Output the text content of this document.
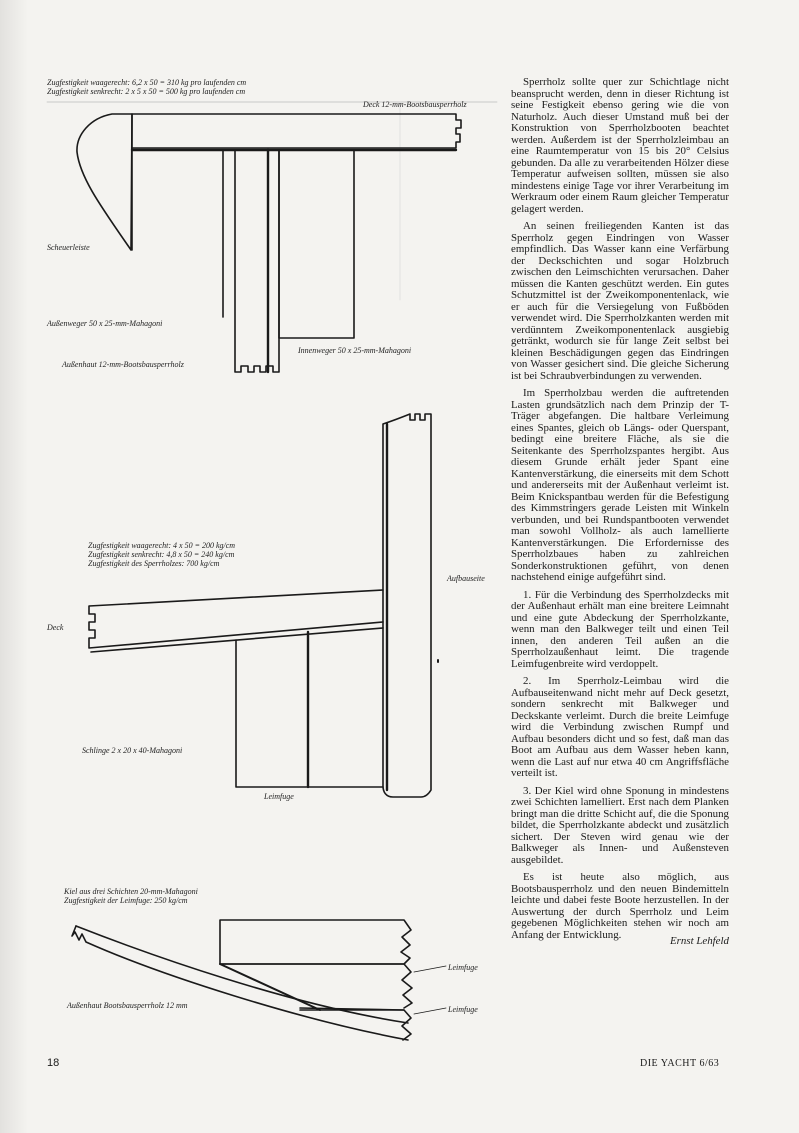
Zugfestigkeit waagerecht: 6,2 x 50 = 310 kg pro laufenden cm
Zugfestigkeit senkrecht: 2 x 5 x 50 = 500 kg pro laufenden cm
Deck 12-mm-Bootsbausperrholz
Scheuerleiste
Außenweger 50 x 25-mm-Mahagoni
Außenhaut 12-mm-Bootsbausperrholz
Innenweger 50 x 25-mm-Mahagoni
Zugfestigkeit waagerecht: 4 x 50 = 200 kg/cm
Zugfestigkeit senkrecht: 4,8 x 50 = 240 kg/cm
Zugfestigkeit des Sperrholzes: 700 kg/cm
Aufbauseite
Deck
Schlinge 2 x 20 x 40-Mahagoni
Leimfuge
Kiel aus drei Schichten 20-mm-Mahagoni
Zugfestigkeit der Leimfuge: 250 kg/cm
Leimfuge
Leimfuge
Außenhaut Bootsbausperrholz 12 mm

Sperrholz sollte quer zur Schichtlage nicht beansprucht werden, denn in dieser Richtung ist seine Festigkeit ebenso gering wie die von Naturholz. Auch dieser Umstand muß bei der Konstruktion von Sperrholzbooten beachtet werden. Außerdem ist der Sperrholzleimbau an eine Raumtemperatur von 15 bis 20° Celsius gebunden. Da alle zu verarbeitenden Hölzer diese Temperatur aufweisen sollten, müssen sie also mindestens einige Tage vor ihrer Verarbeitung im Werkraum oder einem Raum gleicher Temperatur gelagert werden.

An seinen freiliegenden Kanten ist das Sperrholz gegen Eindringen von Wasser empfindlich. Das Wasser kann eine Verfärbung der Deckschichten und sogar Holzbruch zwischen den Leimschichten verursachen. Daher müssen die Kanten geschützt werden. Ein gutes Schutzmittel ist der Zweikomponentenlack, wie er auch für die Versiegelung von Fußböden verwendet wird. Die Sperrholzkanten werden mit verdünntem Zweikomponentenlack ausgiebig getränkt, wodurch sie für lange Zeit selbst bei kleinen Beschädigungen gegen das Eindringen von Wasser gesichert sind. Die gleiche Sicherung ist bei Schraubverbindungen zu verwenden.

Im Sperrholzbau werden die auftretenden Lasten grundsätzlich nach dem Prinzip der T-Träger abgefangen. Die haltbare Verleimung eines Spantes, gleich ob Längs- oder Querspant, bedingt eine breitere Fläche, als sie die Seitenkante des Sperrholzspantes hergibt. Aus diesem Grunde erhält jeder Spant eine Kantenverstärkung, die einerseits mit dem Schott und andererseits mit der Außenhaut verleimt ist. Beim Knickspantbau werden für die Befestigung des Kimmstringers gerade Leisten mit Winkeln verbunden, und bei Rundspantbooten verwendet man sowohl Vollholz- als auch lamellierte Kantenverstärkungen. Die Erfordernisse des Sperrholzbaues haben zu zahlreichen Sonderkonstruktionen geführt, von denen nachstehend einige aufgeführt sind.

1. Für die Verbindung des Sperrholzdecks mit der Außenhaut erhält man eine breitere Leimnaht und eine gute Abdeckung der Sperrholzkante, wenn man den Balkweger teilt und einen Teil innen, den anderen Teil außen an die Sperrholzaußenhaut leimt. Die tragende Leimfugenbreite wird verdoppelt.

2. Im Sperrholz-Leimbau wird die Aufbauseitenwand nicht mehr auf Deck gesetzt, sondern senkrecht mit Balkweger und Deckskante verleimt. Durch die breite Leimfuge wird die Verbindung zwischen Rumpf und Aufbau besonders dicht und so fest, daß man das Boot am Aufbau aus dem Wasser heben kann, wenn die Last auf nur etwa 40 cm Angriffsfläche verteilt ist.

3. Der Kiel wird ohne Sponung in mindestens zwei Schichten lamelliert. Erst nach dem Planken bringt man die dritte Schicht auf, die die Sponung bildet, die Sperrholzkante abdeckt und zusätzlich sichert. Der Steven wird genau wie der Balkweger als Innen- und Außensteven ausgebildet.

Es ist heute also möglich, aus Bootsbausperrholz und den neuen Bindemitteln leichte und dabei feste Boote herzustellen. In der Auswertung der durch Sperrholz und Leim gegebenen Möglichkeiten stehen wir noch am Anfang der Entwicklung.	Ernst Lehfeld
18	DIE YACHT 6/63
